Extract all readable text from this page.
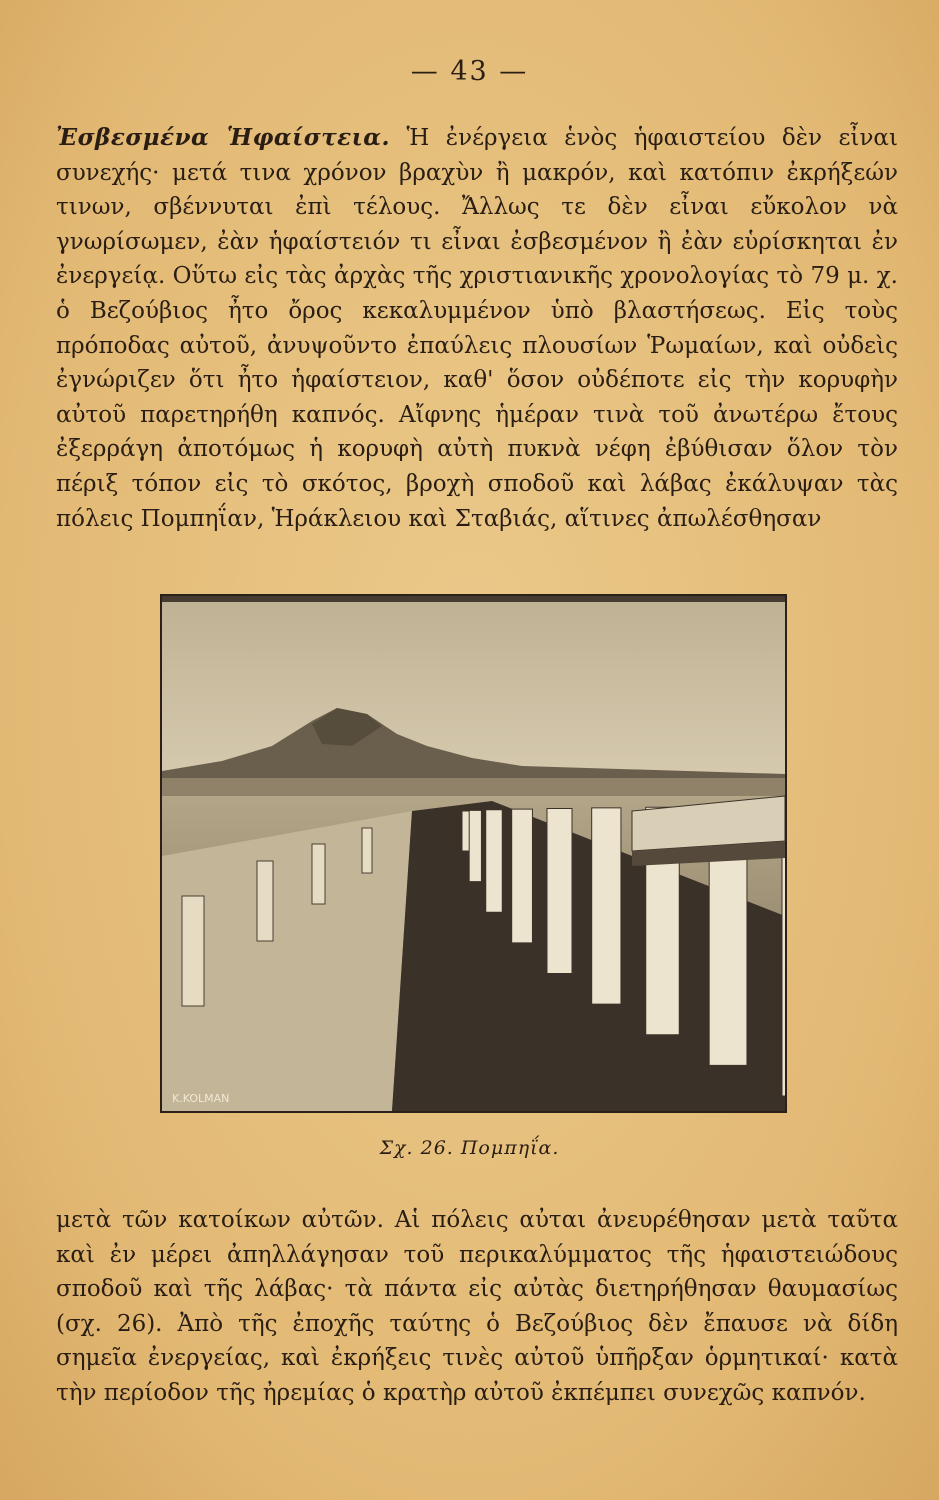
— 43 —

Ἐσβεσμένα Ἡφαίστεια. Ἡ ἐνέργεια ἑνὸς ἡφαιστείου δὲν εἶναι συνεχής· μετά τινα χρόνον βραχὺν ἢ μακρόν, καὶ κατόπιν ἐκρήξεών τινων, σβέννυται ἐπὶ τέλους. Ἄλλως τε δὲν εἶναι εὔκολον νὰ γνωρίσωμεν, ἐὰν ἡφαίστειόν τι εἶναι ἐσβεσμένον ἢ ἐὰν εὑρίσκηται ἐν ἐνεργείᾳ. Οὕτω εἰς τὰς ἀρχὰς τῆς χριστιανικῆς χρονολογίας τὸ 79 μ. χ. ὁ Βεζούβιος ἦτο ὄρος κεκαλυμμένον ὑπὸ βλαστήσεως. Εἰς τοὺς πρόποδας αὐτοῦ, ἀνυψοῦντο ἐπαύλεις πλουσίων Ῥωμαίων, καὶ οὐδεὶς ἐγνώριζεν ὅτι ἦτο ἡφαίστειον, καθ' ὅσον οὐδέποτε εἰς τὴν κορυφὴν αὐτοῦ παρετηρήθη καπνός. Αἴφνης ἡμέραν τινὰ τοῦ ἀνωτέρω ἔτους ἐξερράγη ἀποτόμως ἡ κορυφὴ αὐτὴ πυκνὰ νέφη ἐβύθισαν ὅλον τὸν πέριξ τόπον εἰς τὸ σκότος, βροχὴ σποδοῦ καὶ λάβας ἐκάλυψαν τὰς πόλεις Πομπηΐαν, Ἡράκλειου καὶ Σταβιάς, αἵτινες ἀπωλέσθησαν

K.KOLMAN
Σχ. 26. Πομπηΐα.

μετὰ τῶν κατοίκων αὐτῶν. Αἱ πόλεις αὐται ἀνευρέθησαν μετὰ ταῦτα καὶ ἐν μέρει ἀπηλλάγησαν τοῦ περικαλύμματος τῆς ἡφαιστειώδους σποδοῦ καὶ τῆς λάβας· τὰ πάντα εἰς αὐτὰς διετηρήθησαν θαυμασίως (σχ. 26). Ἀπὸ τῆς ἐποχῆς ταύτης ὁ Βεζούβιος δὲν ἔπαυσε νὰ δίδη σημεῖα ἐνεργείας, καὶ ἐκρήξεις τινὲς αὐτοῦ ὑπῆρξαν ὁρμητικαί· κατὰ τὴν περίοδον τῆς ἠρεμίας ὁ κρατὴρ αὐτοῦ ἐκπέμπει συνεχῶς καπνόν.
